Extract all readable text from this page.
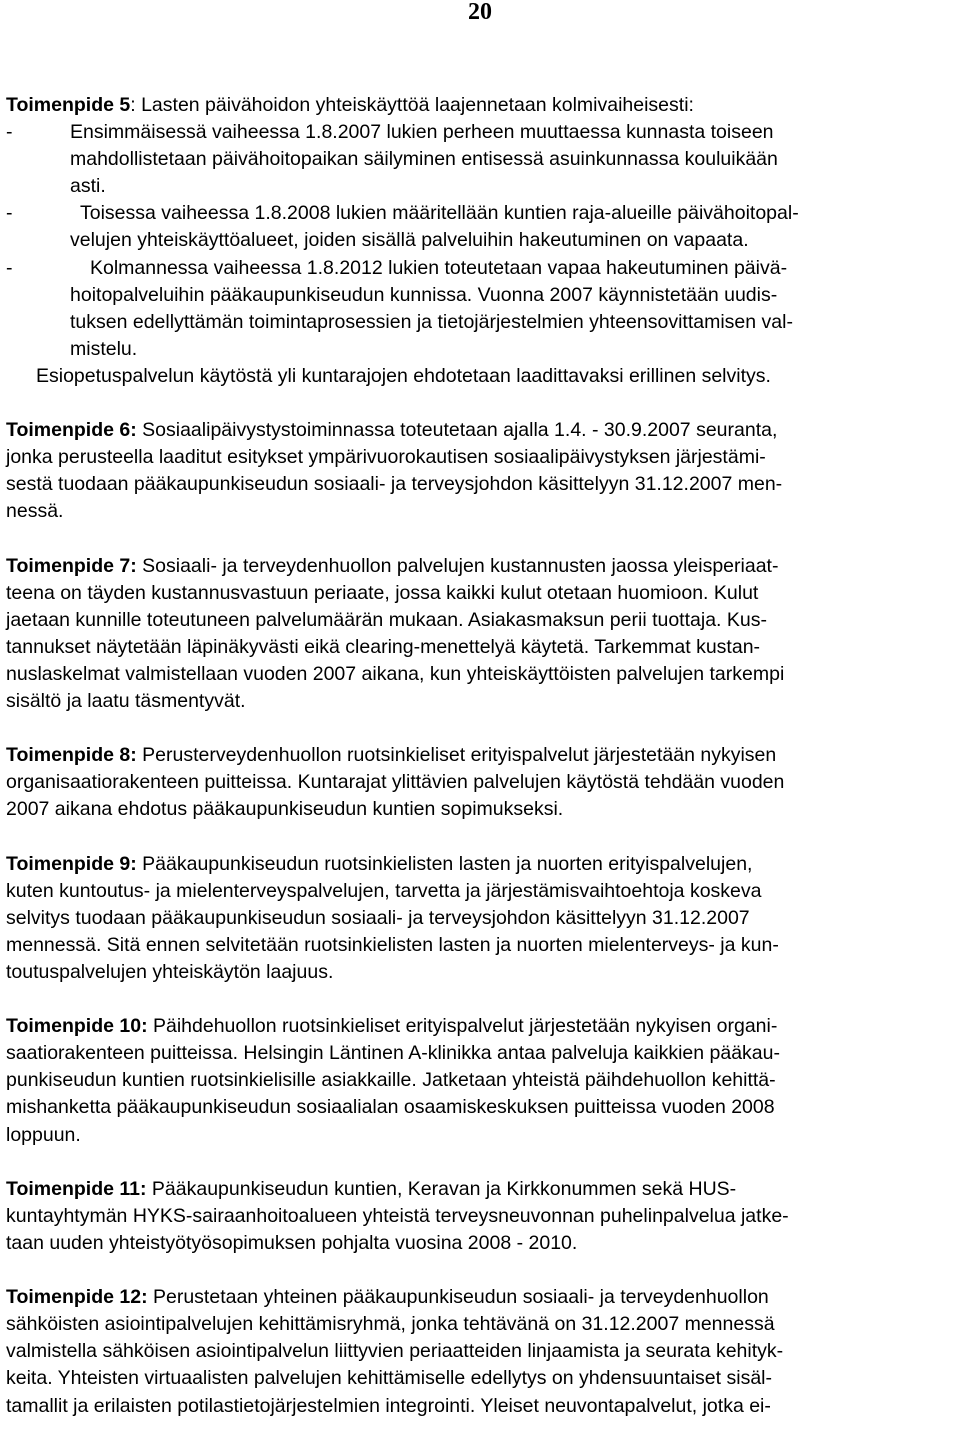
20
Toimenpide 5: Lasten päivähoidon yhteiskäyttöä laajennetaan kolmivaiheisesti:
-	Ensimmäisessä vaiheessa 1.8.2007 lukien perheen muuttaessa kunnasta toiseen
mahdollistetaan päivähoitopaikan säilyminen entisessä asuinkunnassa kouluikään
asti.
-	Toisessa vaiheessa 1.8.2008 lukien määritellään kuntien raja-alueille päivähoitopal-
velujen yhteiskäyttöalueet, joiden sisällä palveluihin hakeutuminen on vapaata.
-	Kolmannessa vaiheessa 1.8.2012 lukien toteutetaan vapaa hakeutuminen päivä-
hoitopalveluihin pääkaupunkiseudun kunnissa. Vuonna 2007 käynnistetään uudis-
tuksen edellyttämän toimintaprosessien ja tietojärjestelmien yhteensovittamisen val-
mistelu.
Esiopetuspalvelun käytöstä yli kuntarajojen ehdotetaan laadittavaksi erillinen selvitys.
Toimenpide 6: Sosiaalipäivystystoiminnassa toteutetaan ajalla 1.4. - 30.9.2007 seuranta,
jonka perusteella laaditut esitykset ympärivuorokautisen sosiaalipäivystyksen järjestämi-
sestä tuodaan pääkaupunkiseudun sosiaali- ja terveysjohdon käsittelyyn 31.12.2007 men-
nessä.
Toimenpide 7: Sosiaali- ja terveydenhuollon palvelujen kustannusten jaossa yleisperiaat-
teena on täyden kustannusvastuun periaate, jossa kaikki kulut otetaan huomioon. Kulut
jaetaan kunnille toteutuneen palvelumäärän mukaan. Asiakasmaksun perii tuottaja. Kus-
tannukset näytetään läpinäkyvästi eikä clearing-menettelyä käytetä. Tarkemmat kustan-
nuslaskelmat valmistellaan vuoden 2007 aikana, kun yhteiskäyttöisten palvelujen tarkempi
sisältö ja laatu täsmentyvät.
Toimenpide 8: Perusterveydenhuollon ruotsinkieliset erityispalvelut järjestetään nykyisen
organisaatiorakenteen puitteissa. Kuntarajat ylittävien palvelujen käytöstä tehdään vuoden
2007 aikana ehdotus pääkaupunkiseudun kuntien sopimukseksi.
Toimenpide 9: Pääkaupunkiseudun ruotsinkielisten lasten ja nuorten erityispalvelujen,
kuten kuntoutus- ja mielenterveyspalvelujen, tarvetta ja järjestämisvaihtoehtoja koskeva
selvitys tuodaan pääkaupunkiseudun sosiaali- ja terveysjohdon käsittelyyn 31.12.2007
mennessä. Sitä ennen selvitetään ruotsinkielisten lasten ja nuorten mielenterveys- ja kun-
toutuspalvelujen yhteiskäytön laajuus.
Toimenpide 10: Päihdehuollon ruotsinkieliset erityispalvelut järjestetään nykyisen organi-
saatiorakenteen puitteissa. Helsingin Läntinen A-klinikka antaa palveluja kaikkien pääkau-
punkiseudun kuntien ruotsinkielisille asiakkaille. Jatketaan yhteistä päihdehuollon kehittä-
mishanketta pääkaupunkiseudun sosiaalialan osaamiskeskuksen puitteissa vuoden 2008
loppuun.
Toimenpide 11: Pääkaupunkiseudun kuntien, Keravan ja Kirkkonummen sekä HUS-
kuntayhtymän HYKS-sairaanhoitoalueen yhteistä terveysneuvonnan puhelinpalvelua jatke-
taan uuden yhteistyötyösopimuksen pohjalta vuosina 2008 - 2010.
Toimenpide 12: Perustetaan yhteinen pääkaupunkiseudun sosiaali- ja terveydenhuollon
sähköisten asiointipalvelujen kehittämisryhmä, jonka tehtävänä on 31.12.2007 mennessä
valmistella sähköisen asiointipalvelun liittyvien periaatteiden linjaamista ja seurata kehityk-
keita. Yhteisten virtuaalisten palvelujen kehittämiselle edellytys on yhdensuuntaiset sisäl-
tamallit ja erilaisten potilastietojärjestelmien integrointi. Yleiset neuvontapalvelut, jotka ei-
